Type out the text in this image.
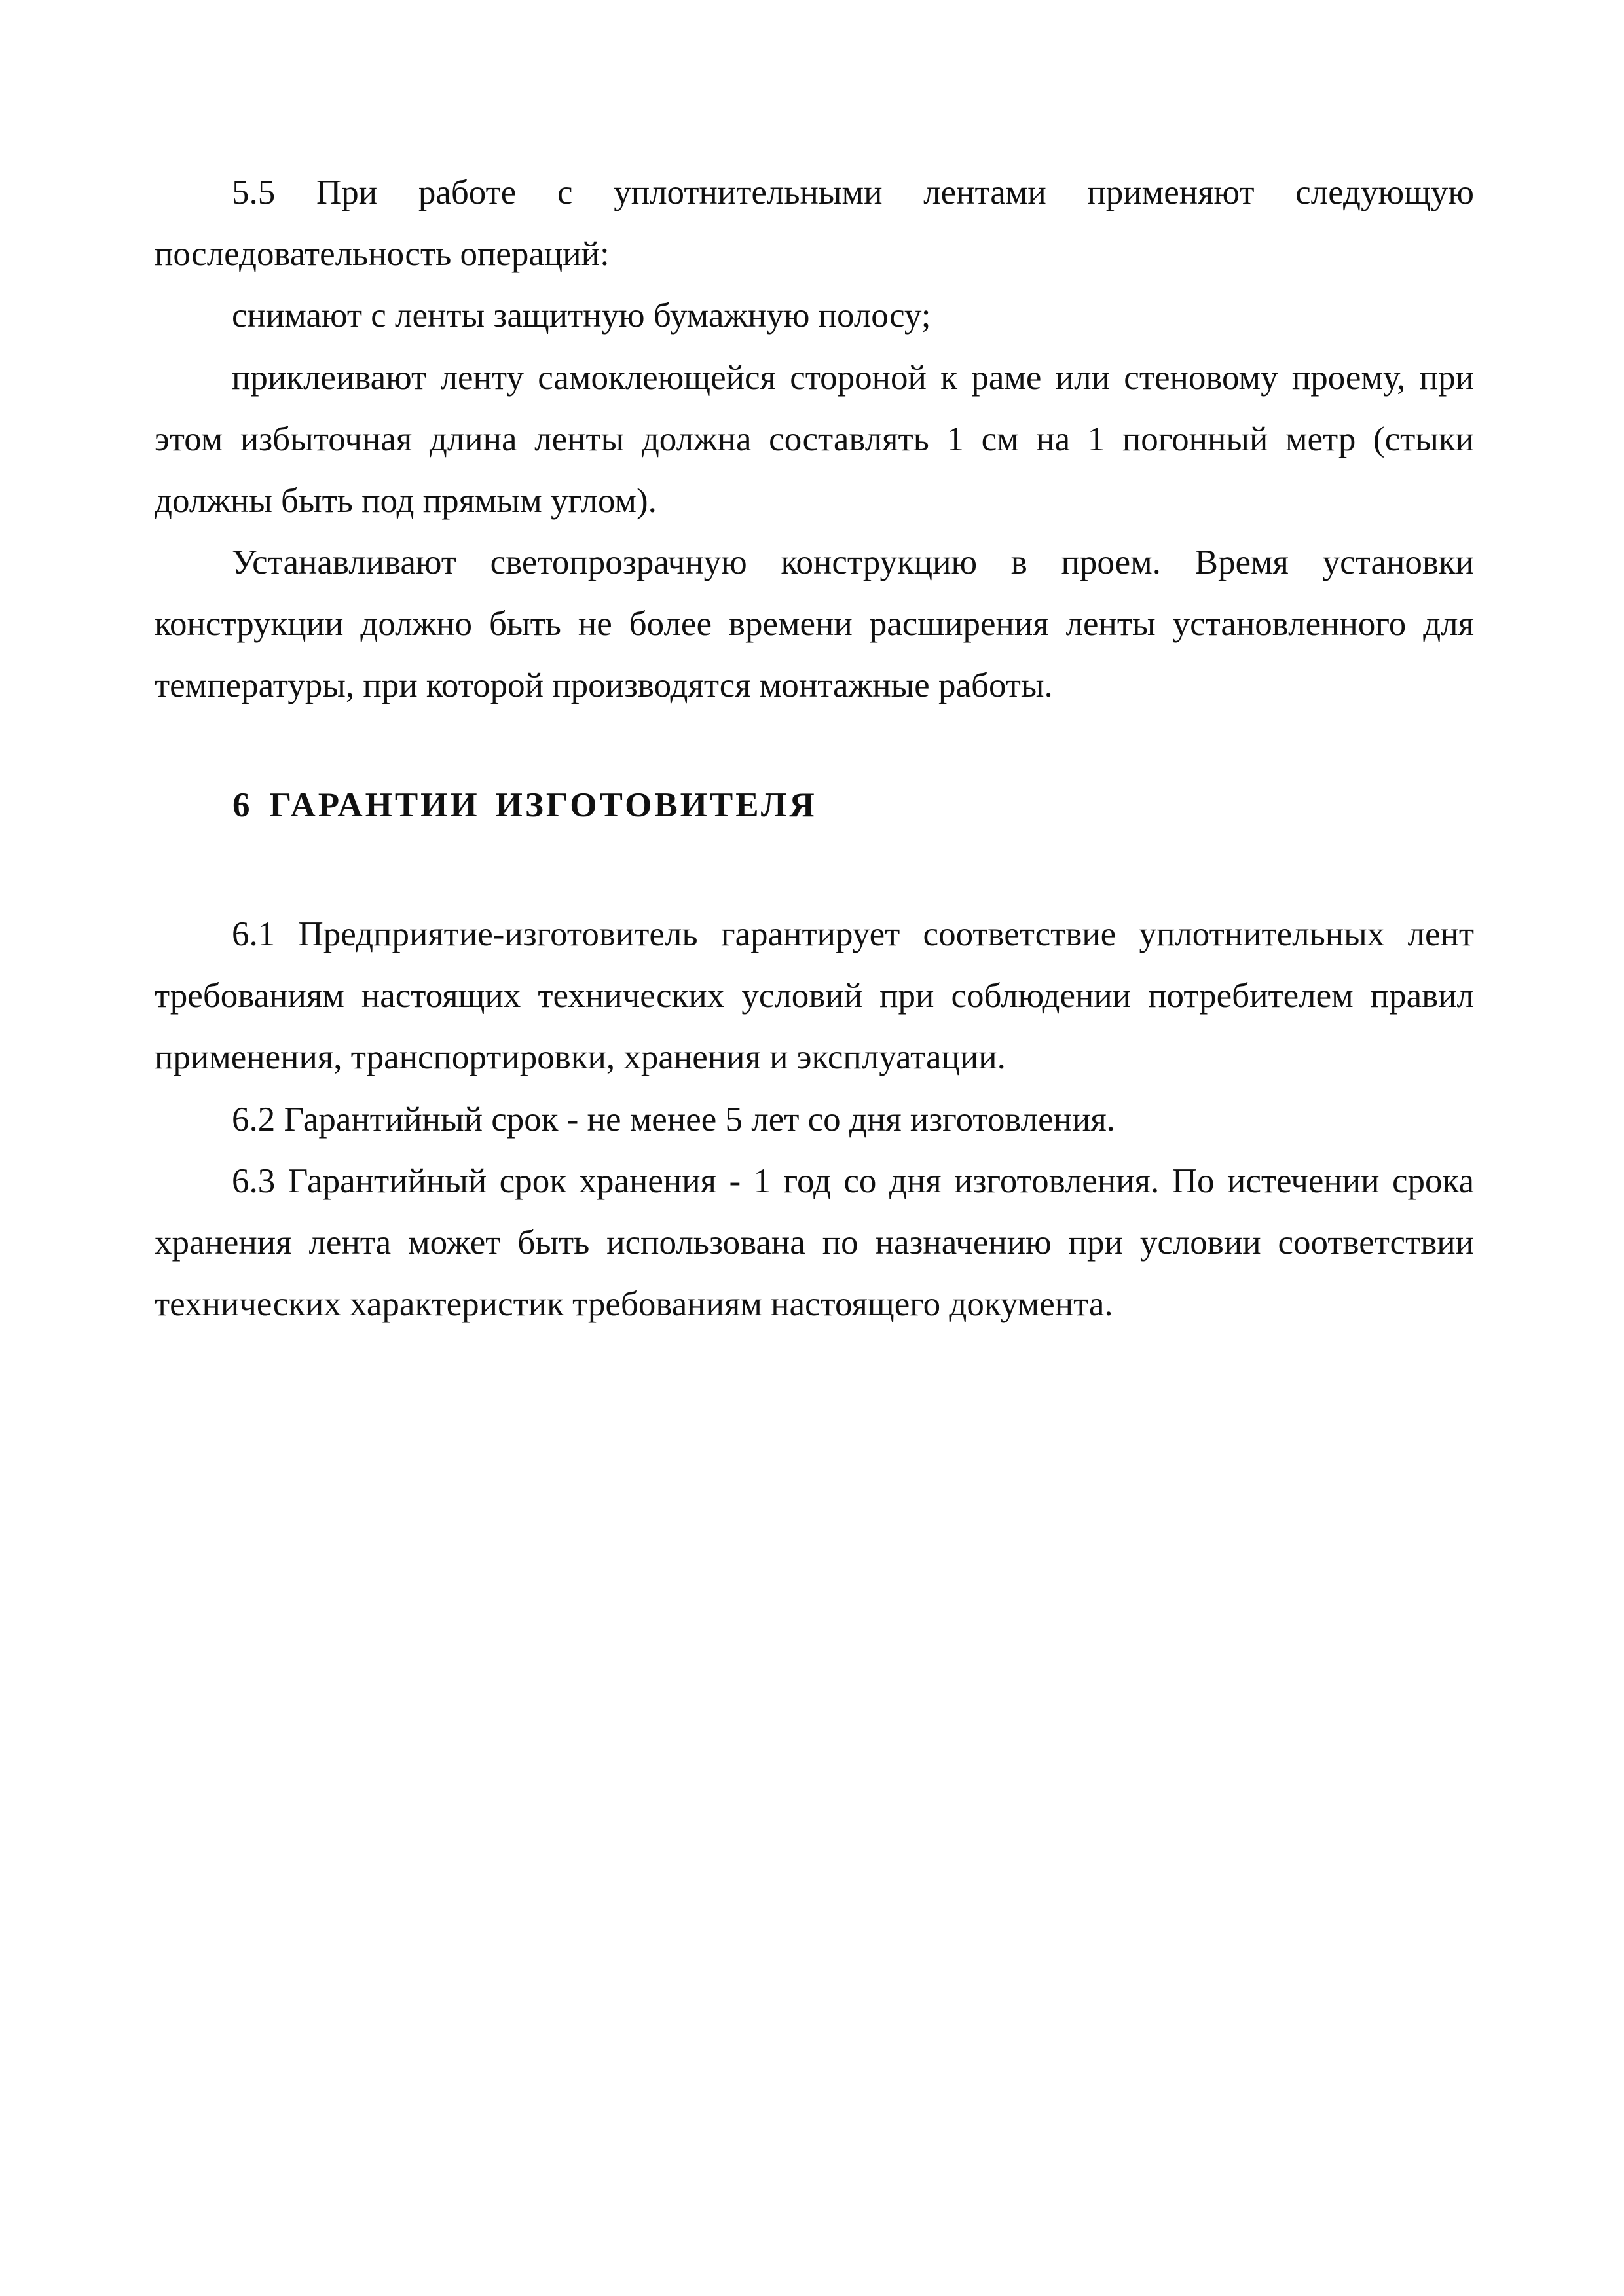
5.5 При работе с уплотнительными лентами применяют следующую последовательность операций:

снимают с ленты защитную бумажную полосу;

приклеивают ленту самоклеющейся стороной к раме или стеновому проему, при этом избыточная длина ленты должна составлять 1 см на 1 погонный метр (стыки должны быть под прямым углом).

Устанавливают светопрозрачную конструкцию в проем. Время установки конструкции должно быть не более времени расширения ленты установленного для температуры, при которой производятся монтажные работы.

6 ГАРАНТИИ ИЗГОТОВИТЕЛЯ

6.1 Предприятие-изготовитель гарантирует соответствие уплотнительных лент требованиям настоящих технических условий при соблюдении потребителем правил применения, транспортировки, хранения и эксплуатации.

6.2 Гарантийный срок - не менее 5 лет со дня изготовления.

6.3 Гарантийный срок хранения - 1 год со дня изготовления. По истечении срока хранения лента может быть использована по назначению при условии соответствии технических характеристик требованиям настоящего документа.
